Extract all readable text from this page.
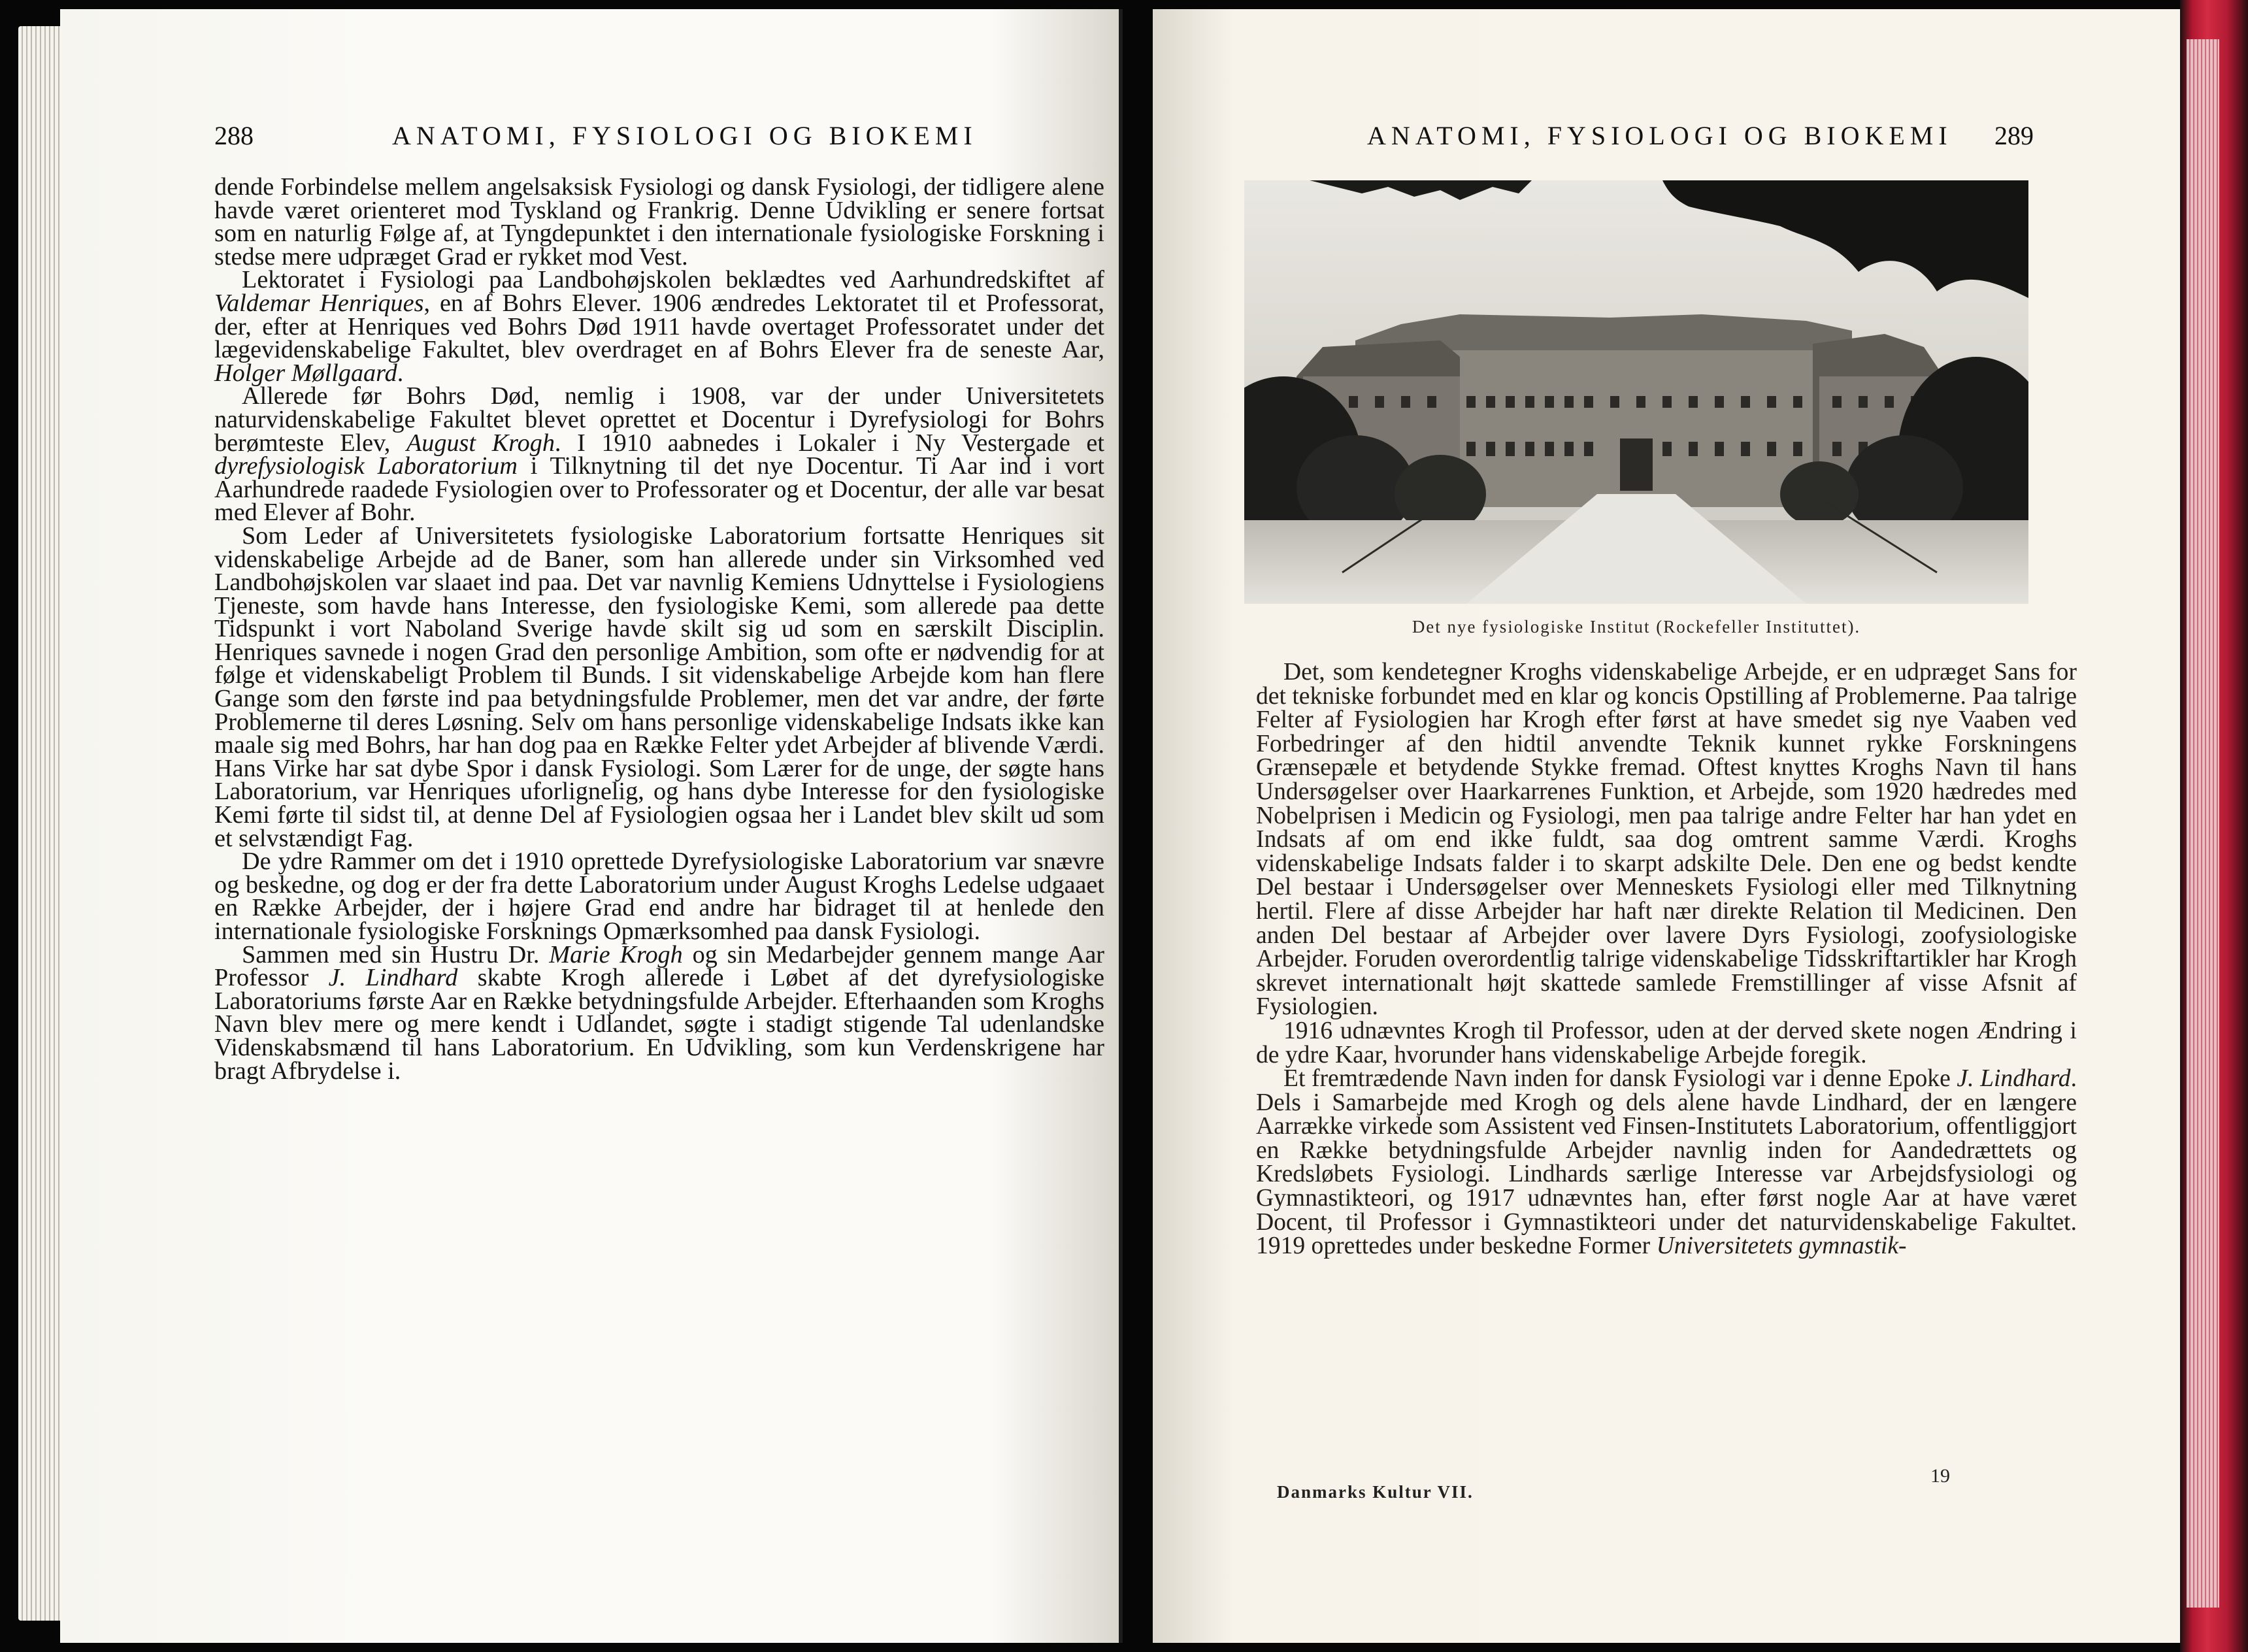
288	ANATOMI, FYSIOLOGI OG BIOKEMI

dende Forbindelse mellem angelsaksisk Fysiologi og dansk Fysiologi, der tidligere alene havde været orienteret mod Tyskland og Frankrig. Denne Udvikling er senere fortsat som en naturlig Følge af, at Tyngdepunktet i den internationale fysiologiske Forskning i stedse mere udpræget Grad er rykket mod Vest.

Lektoratet i Fysiologi paa Landbohøjskolen beklædtes ved Aarhundredskiftet af Valdemar Henriques, en af Bohrs Elever. 1906 ændredes Lektoratet til et Professorat, der, efter at Henriques ved Bohrs Død 1911 havde overtaget Professoratet under det lægevidenskabelige Fakultet, blev overdraget en af Bohrs Elever fra de seneste Aar, Holger Møllgaard.

Allerede før Bohrs Død, nemlig i 1908, var der under Universitetets naturvidenskabelige Fakultet blevet oprettet et Docentur i Dyrefysiologi for Bohrs berømteste Elev, August Krogh. I 1910 aabnedes i Lokaler i Ny Vestergade et dyrefysiologisk Laboratorium i Tilknytning til det nye Docentur. Ti Aar ind i vort Aarhundrede raadede Fysiologien over to Professorater og et Docentur, der alle var besat med Elever af Bohr.

Som Leder af Universitetets fysiologiske Laboratorium fortsatte Henriques sit videnskabelige Arbejde ad de Baner, som han allerede under sin Virksomhed ved Landbohøjskolen var slaaet ind paa. Det var navnlig Kemiens Udnyttelse i Fysiologiens Tjeneste, som havde hans Interesse, den fysiologiske Kemi, som allerede paa dette Tidspunkt i vort Naboland Sverige havde skilt sig ud som en særskilt Disciplin. Henriques savnede i nogen Grad den personlige Ambition, som ofte er nødvendig for at følge et videnskabeligt Problem til Bunds. I sit videnskabelige Arbejde kom han flere Gange som den første ind paa betydningsfulde Problemer, men det var andre, der førte Problemerne til deres Løsning. Selv om hans personlige videnskabelige Indsats ikke kan maale sig med Bohrs, har han dog paa en Række Felter ydet Arbejder af blivende Værdi. Hans Virke har sat dybe Spor i dansk Fysiologi. Som Lærer for de unge, der søgte hans Laboratorium, var Henriques uforlignelig, og hans dybe Interesse for den fysiologiske Kemi førte til sidst til, at denne Del af Fysiologien ogsaa her i Landet blev skilt ud som et selvstændigt Fag.

De ydre Rammer om det i 1910 oprettede Dyrefysiologiske Laboratorium var snævre og beskedne, og dog er der fra dette Laboratorium under August Kroghs Ledelse udgaaet en Række Arbejder, der i højere Grad end andre har bidraget til at henlede den internationale fysiologiske Forsknings Opmærksomhed paa dansk Fysiologi.

Sammen med sin Hustru Dr. Marie Krogh og sin Medarbejder gennem mange Aar Professor J. Lindhard skabte Krogh allerede i Løbet af det dyrefysiologiske Laboratoriums første Aar en Række betydningsfulde Arbejder. Efterhaanden som Kroghs Navn blev mere og mere kendt i Udlandet, søgte i stadigt stigende Tal udenlandske Videnskabsmænd til hans Laboratorium. En Udvikling, som kun Verdenskrigene har bragt Afbrydelse i.

ANATOMI, FYSIOLOGI OG BIOKEMI 289
Det nye fysiologiske Institut (Rockefeller Instituttet).

Det, som kendetegner Kroghs videnskabelige Arbejde, er en udpræget Sans for det tekniske forbundet med en klar og koncis Opstilling af Problemerne. Paa talrige Felter af Fysiologien har Krogh efter først at have smedet sig nye Vaaben ved Forbedringer af den hidtil anvendte Teknik kunnet rykke Forskningens Grænsepæle et betydende Stykke fremad. Oftest knyttes Kroghs Navn til hans Undersøgelser over Haarkarrenes Funktion, et Arbejde, som 1920 hædredes med Nobelprisen i Medicin og Fysiologi, men paa talrige andre Felter har han ydet en Indsats af om end ikke fuldt, saa dog omtrent samme Værdi. Kroghs videnskabelige Indsats falder i to skarpt adskilte Dele. Den ene og bedst kendte Del bestaar i Undersøgelser over Menneskets Fysiologi eller med Tilknytning hertil. Flere af disse Arbejder har haft nær direkte Relation til Medicinen. Den anden Del bestaar af Arbejder over lavere Dyrs Fysiologi, zoofysiologiske Arbejder. Foruden overordentlig talrige videnskabelige Tidsskriftartikler har Krogh skrevet internationalt højt skattede samlede Fremstillinger af visse Afsnit af Fysiologien.

1916 udnævntes Krogh til Professor, uden at der derved skete nogen Ændring i de ydre Kaar, hvorunder hans videnskabelige Arbejde foregik.

Et fremtrædende Navn inden for dansk Fysiologi var i denne Epoke J. Lindhard. Dels i Samarbejde med Krogh og dels alene havde Lindhard, der en længere Aarrække virkede som Assistent ved Finsen-Institutets Laboratorium, offentliggjort en Række betydningsfulde Arbejder navnlig inden for Aandedrættets og Kredsløbets Fysiologi. Lindhards særlige Interesse var Arbejdsfysiologi og Gymnastikteori, og 1917 udnævntes han, efter først nogle Aar at have været Docent, til Professor i Gymnastikteori under det naturvidenskabelige Fakultet. 1919 oprettedes under beskedne Former Universitetets gymnastik-

Danmarks Kultur VII.
19
